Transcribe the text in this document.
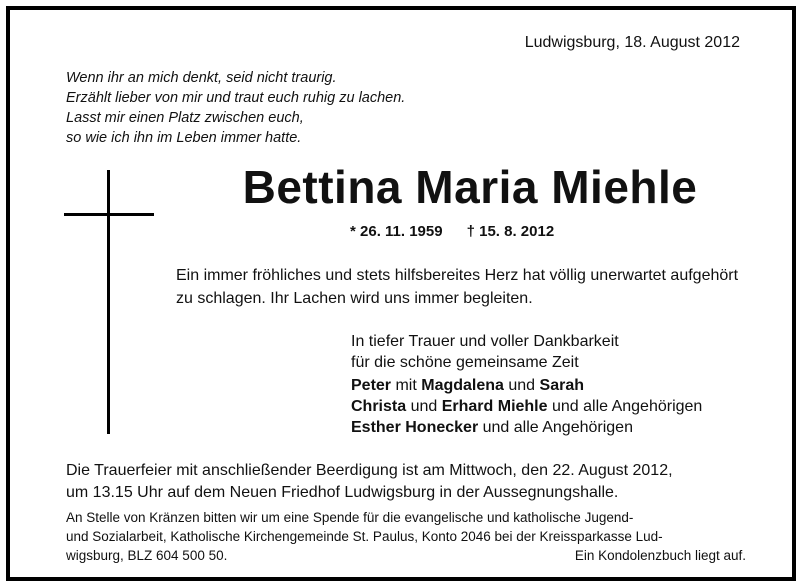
Ludwigsburg, 18. August 2012
Wenn ihr an mich denkt, seid nicht traurig.
Erzählt lieber von mir und traut euch ruhig zu lachen.
Lasst mir einen Platz zwischen euch,
so wie ich ihn im Leben immer hatte.
Bettina Maria Miehle
* 26. 11. 1959 † 15. 8. 2012
Ein immer fröhliches und stets hilfsbereites Herz hat völlig unerwartet aufgehört zu schlagen. Ihr Lachen wird uns immer begleiten.
In tiefer Trauer und voller Dankbarkeit
für die schöne gemeinsame Zeit
Peter mit Magdalena und Sarah
Christa und Erhard Miehle und alle Angehörigen
Esther Honecker und alle Angehörigen
Die Trauerfeier mit anschließender Beerdigung ist am Mittwoch, den 22. August 2012,
um 13.15 Uhr auf dem Neuen Friedhof Ludwigsburg in der Aussegnungshalle.
An Stelle von Kränzen bitten wir um eine Spende für die evangelische und katholische Jugend-
und Sozialarbeit, Katholische Kirchengemeinde St. Paulus, Konto 2046 bei der Kreissparkasse Lud-
wigsburg, BLZ 604 500 50.	Ein Kondolenzbuch liegt auf.
